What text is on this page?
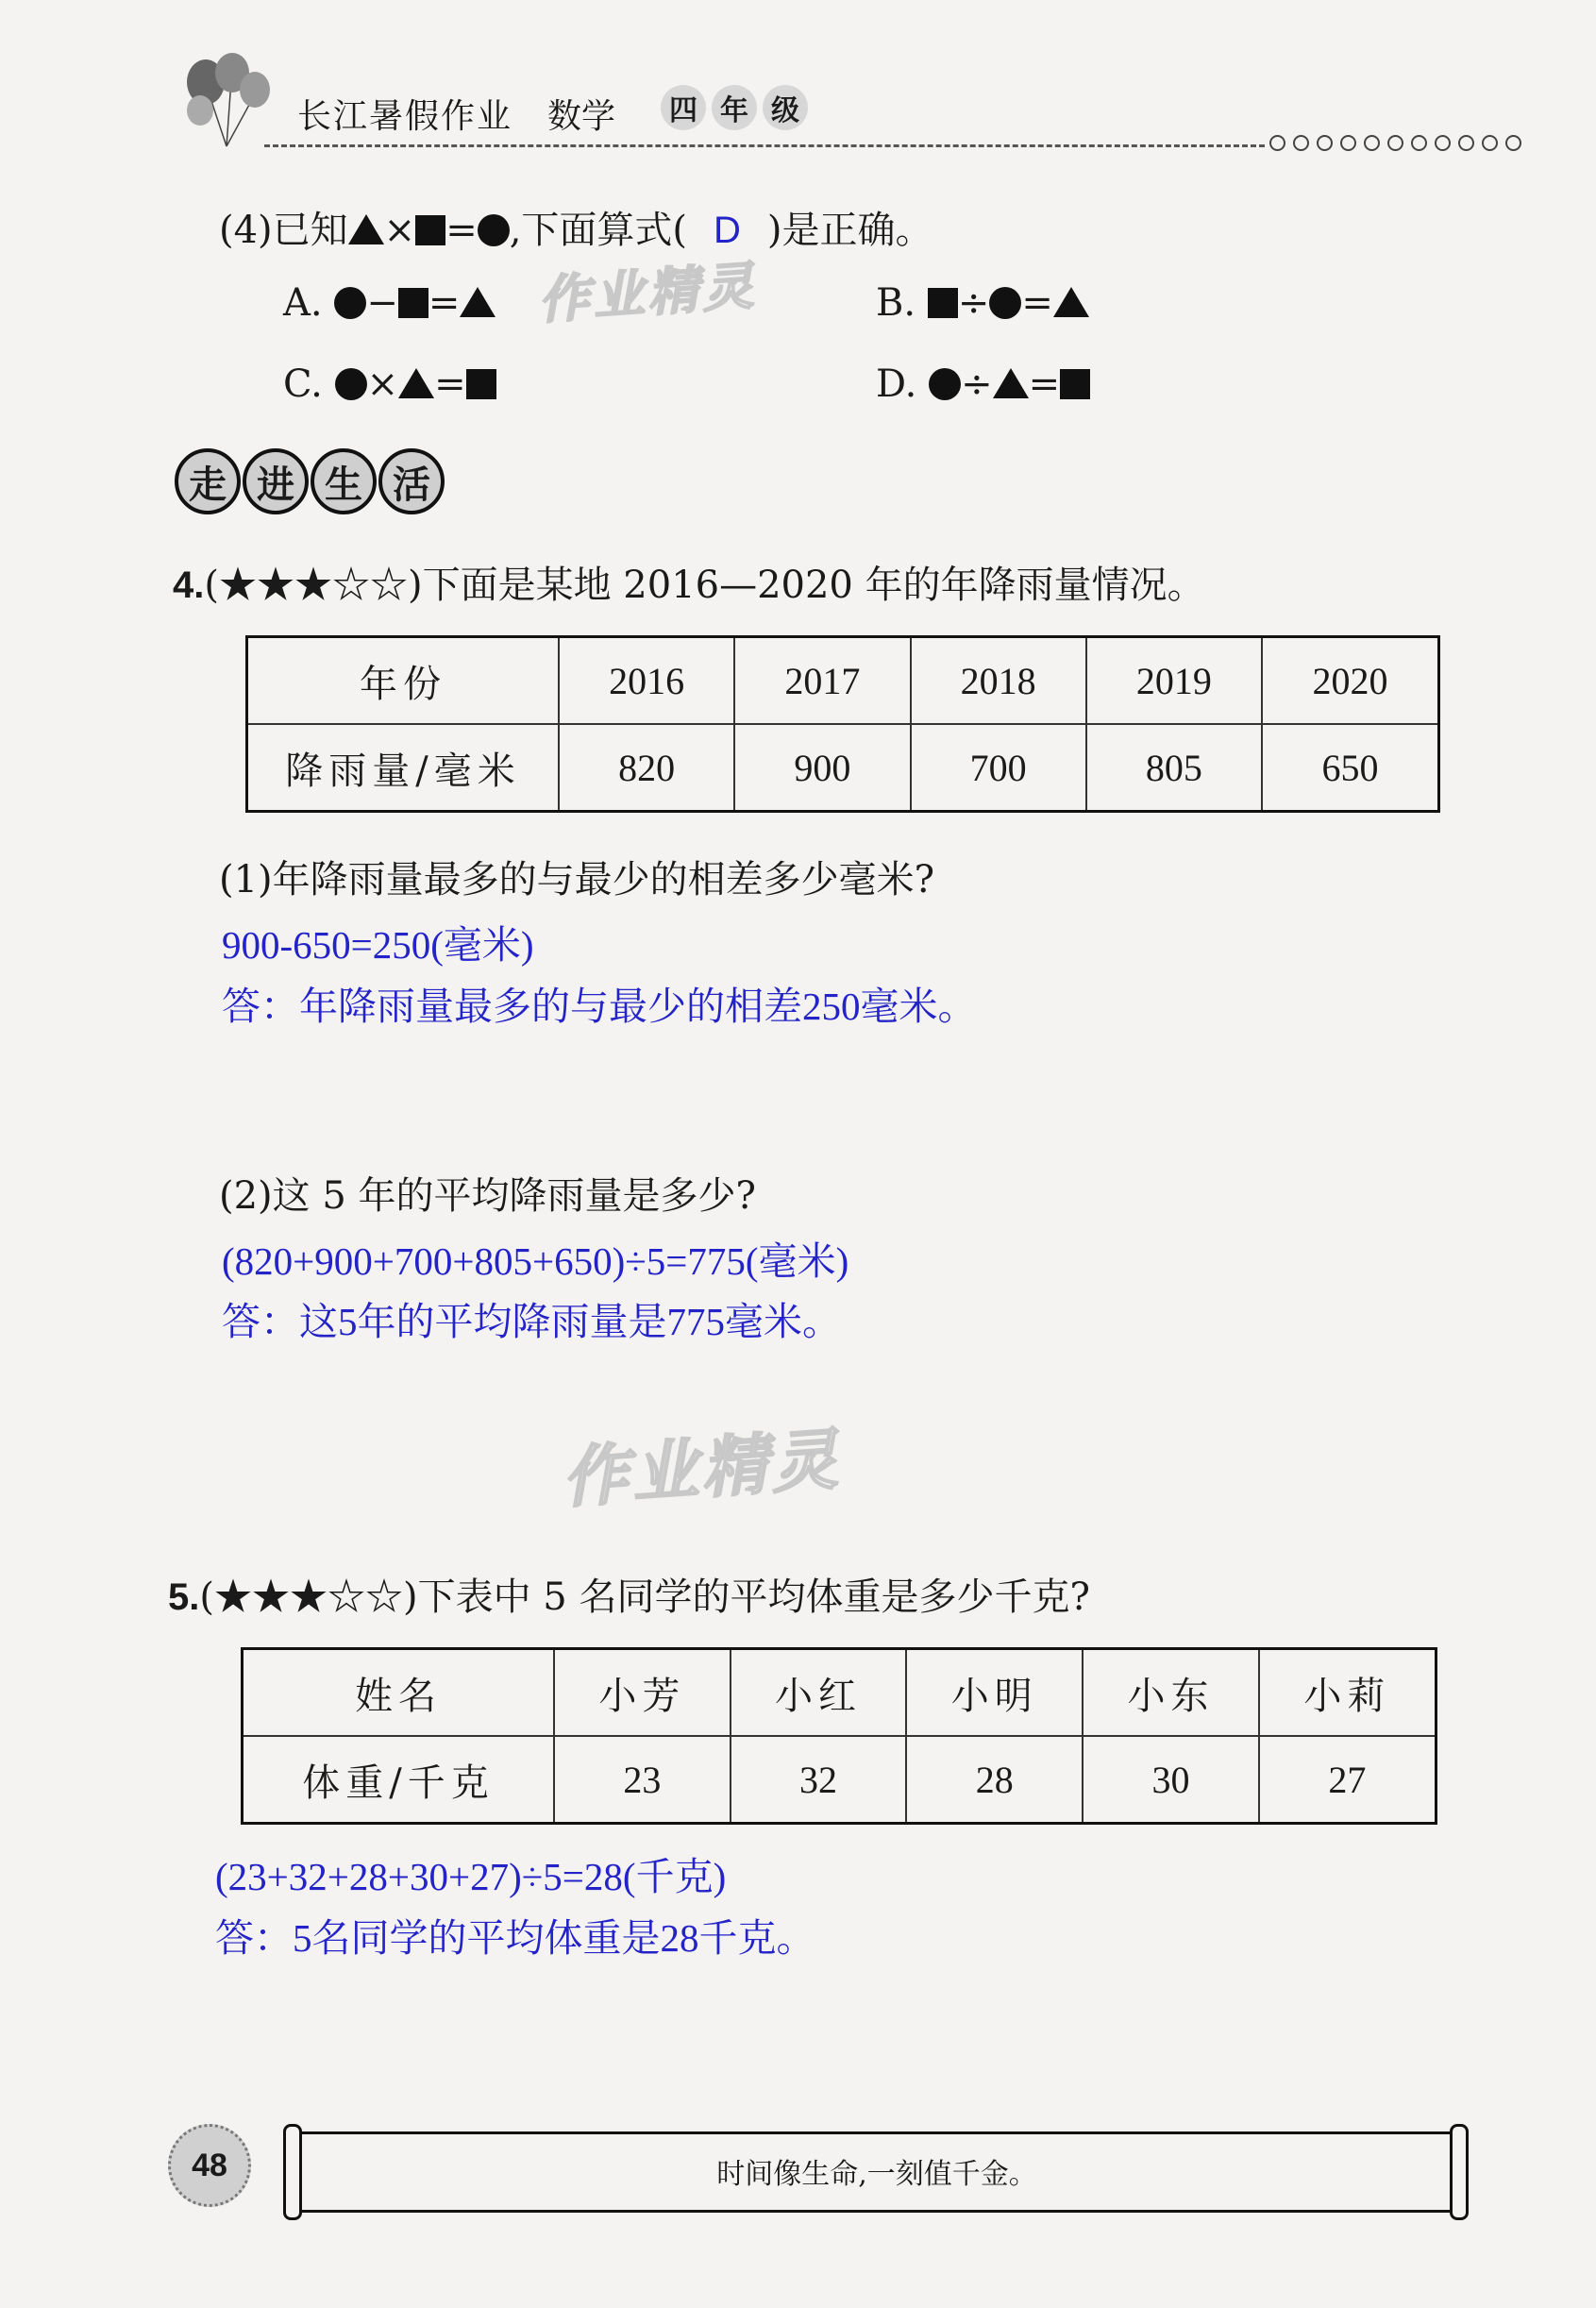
长江暑假作业 数学	四 年 级
(4)已知 × = ,下面算式( D )是正确。
A. − =	B. ÷ =
C. × =	D. ÷ =
作业精灵
走 进 生 活
4.(★★★☆☆)下面是某地 2016—2020 年的年降雨量情况。
年份	2016	2017	2018	2019	2020
降雨量/毫米	820	900	700	805	650
(1)年降雨量最多的与最少的相差多少毫米?
900-650=250(毫米)
答：年降雨量最多的与最少的相差250毫米。
(2)这 5 年的平均降雨量是多少?
(820+900+700+805+650)÷5=775(毫米)
答：这5年的平均降雨量是775毫米。
作业精灵
5.(★★★☆☆)下表中 5 名同学的平均体重是多少千克?
姓名	小芳	小红	小明	小东	小莉
体重/千克	23	32	28	30	27
(23+32+28+30+27)÷5=28(千克)
答：5名同学的平均体重是28千克。
48	时间像生命,一刻值千金。
